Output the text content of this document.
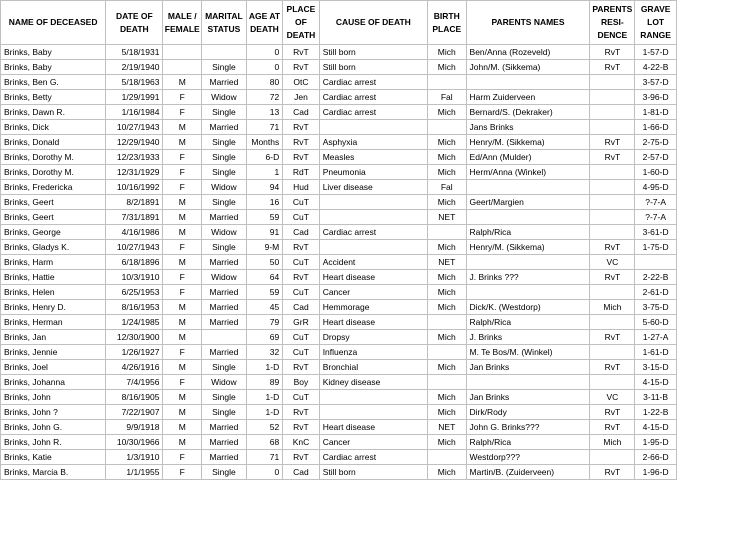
NAME OF DECEASED	DATE OF DEATH	MALE / FEMALE	MARITAL STATUS	AGE AT DEATH	PLACE OF DEATH	CAUSE OF DEATH	BIRTH PLACE	PARENTS NAMES	PARENTS RESI-DENCE	GRAVE LOT RANGE
Brinks, Baby	5/18/1931			0	RvT	Still born	Mich	Ben/Anna (Rozeveld)	RvT	1-57-D
Brinks, Baby	2/19/1940		Single	0	RvT	Still born	Mich	John/M. (Sikkema)	RvT	4-22-B
Brinks, Ben G.	5/18/1963	M	Married	80	OtC	Cardiac arrest				3-57-D
Brinks, Betty	1/29/1991	F	Widow	72	Jen	Cardiac arrest	Fal	Harm Zuiderveen		3-96-D
Brinks, Dawn R.	1/16/1984	F	Single	13	Cad	Cardiac arrest	Mich	Bernard/S. (Dekraker)		1-81-D
Brinks, Dick	10/27/1943	M	Married	71	RvT			Jans Brinks		1-66-D
Brinks, Donald	12/29/1940	M	Single	Months	RvT	Asphyxia	Mich	Henry/M. (Sikkema)	RvT	2-75-D
Brinks, Dorothy M.	12/23/1933	F	Single	6-D	RvT	Measles	Mich	Ed/Ann (Mulder)	RvT	2-57-D
Brinks, Dorothy M.	12/31/1929	F	Single	1	RdT	Pneumonia	Mich	Herm/Anna (Winkel)		1-60-D
Brinks, Fredericka	10/16/1992	F	Widow	94	Hud	Liver disease	Fal			4-95-D
Brinks, Geert	8/2/1891	M	Single	16	CuT		Mich	Geert/Margien		?-7-A
Brinks, Geert	7/31/1891	M	Married	59	CuT		NET			?-7-A
Brinks, George	4/16/1986	M	Widow	91	Cad	Cardiac arrest		Ralph/Rica		3-61-D
Brinks, Gladys K.	10/27/1943	F	Single	9-M	RvT		Mich	Henry/M. (Sikkema)	RvT	1-75-D
Brinks, Harm	6/18/1896	M	Married	50	CuT	Accident	NET		VC	
Brinks, Hattie	10/3/1910	F	Widow	64	RvT	Heart disease	Mich	J. Brinks ???	RvT	2-22-B
Brinks, Helen	6/25/1953	F	Married	59	CuT	Cancer	Mich			2-61-D
Brinks, Henry D.	8/16/1953	M	Married	45	Cad	Hemmorage	Mich	Dick/K. (Westdorp)	Mich	3-75-D
Brinks, Herman	1/24/1985	M	Married	79	GrR	Heart disease		Ralph/Rica		5-60-D
Brinks, Jan	12/30/1900	M		69	CuT	Dropsy	Mich	J. Brinks	RvT	1-27-A
Brinks, Jennie	1/26/1927	F	Married	32	CuT	Influenza		M. Te Bos/M. (Winkel)		1-61-D
Brinks, Joel	4/26/1916	M	Single	1-D	RvT	Bronchial	Mich	Jan Brinks	RvT	3-15-D
Brinks, Johanna	7/4/1956	F	Widow	89	Boy	Kidney disease				4-15-D
Brinks, John	8/16/1905	M	Single	1-D	CuT		Mich	Jan Brinks	VC	3-11-B
Brinks, John ?	7/22/1907	M	Single	1-D	RvT		Mich	Dirk/Rody	RvT	1-22-B
Brinks, John G.	9/9/1918	M	Married	52	RvT	Heart disease	NET	John G. Brinks???	RvT	4-15-D
Brinks, John R.	10/30/1966	M	Married	68	KnC	Cancer	Mich	Ralph/Rica	Mich	1-95-D
Brinks, Katie	1/3/1910	F	Married	71	RvT	Cardiac arrest		Westdorp???		2-66-D
Brinks, Marcia B.	1/1/1955	F	Single	0	Cad	Still born	Mich	Martin/B. (Zuiderveen)	RvT	1-96-D
